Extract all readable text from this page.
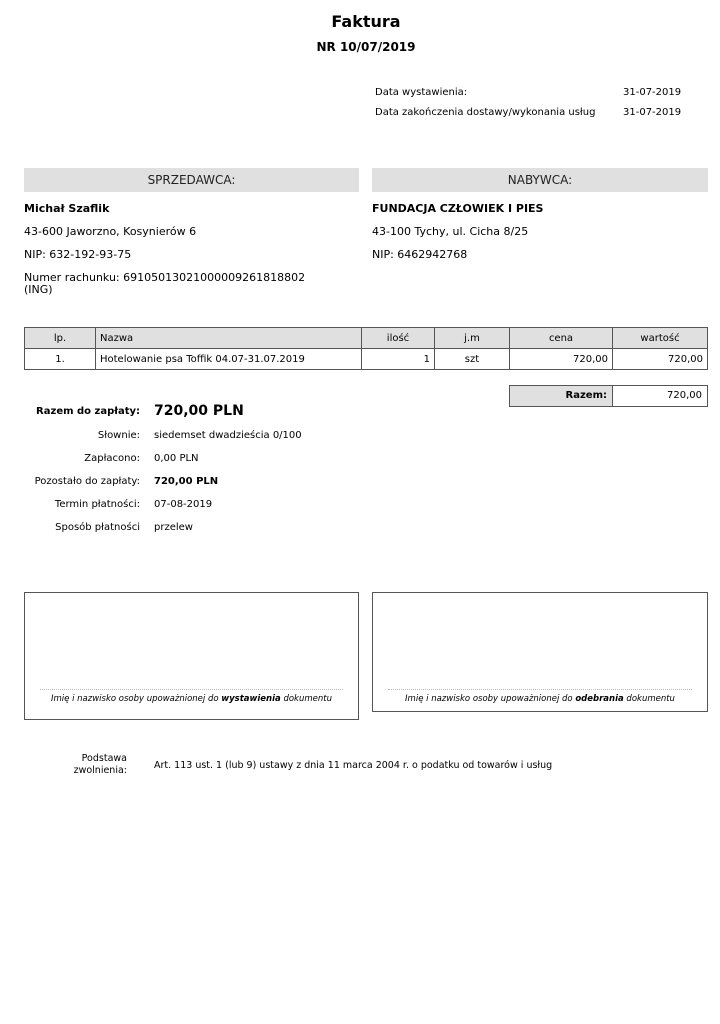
Faktura
NR 10/07/2019
Data wystawienia:	31-07-2019
Data zakończenia dostawy/wykonania usług	31-07-2019
SPRZEDAWCA:	NABYWCA:
Michał Szaflik
43-600 Jaworzno, Kosynierów 6
NIP: 632-192-93-75
Numer rachunku: 69105013021000009261818802
(ING)
FUNDACJA CZŁOWIEK I PIES
43-100 Tychy, ul. Cicha 8/25
NIP: 6462942768
lp.	Nazwa	ilość	j.m	cena	wartość
1.	Hotelowanie psa Toffik 04.07-31.07.2019	1	szt	720,00	720,00
Razem:	720,00
Razem do zapłaty: 720,00 PLN
Słownie: siedemset dwadzieścia 0/100
Zapłacono: 0,00 PLN
Pozostało do zapłaty: 720,00 PLN
Termin płatności: 07-08-2019
Sposób płatności przelew
Imię i nazwisko osoby upoważnionej do wystawienia dokumentu	Imię i nazwisko osoby upoważnionej do odebrania dokumentu
Podstawa
zwolnienia:	Art. 113 ust. 1 (lub 9) ustawy z dnia 11 marca 2004 r. o podatku od towarów i usług
